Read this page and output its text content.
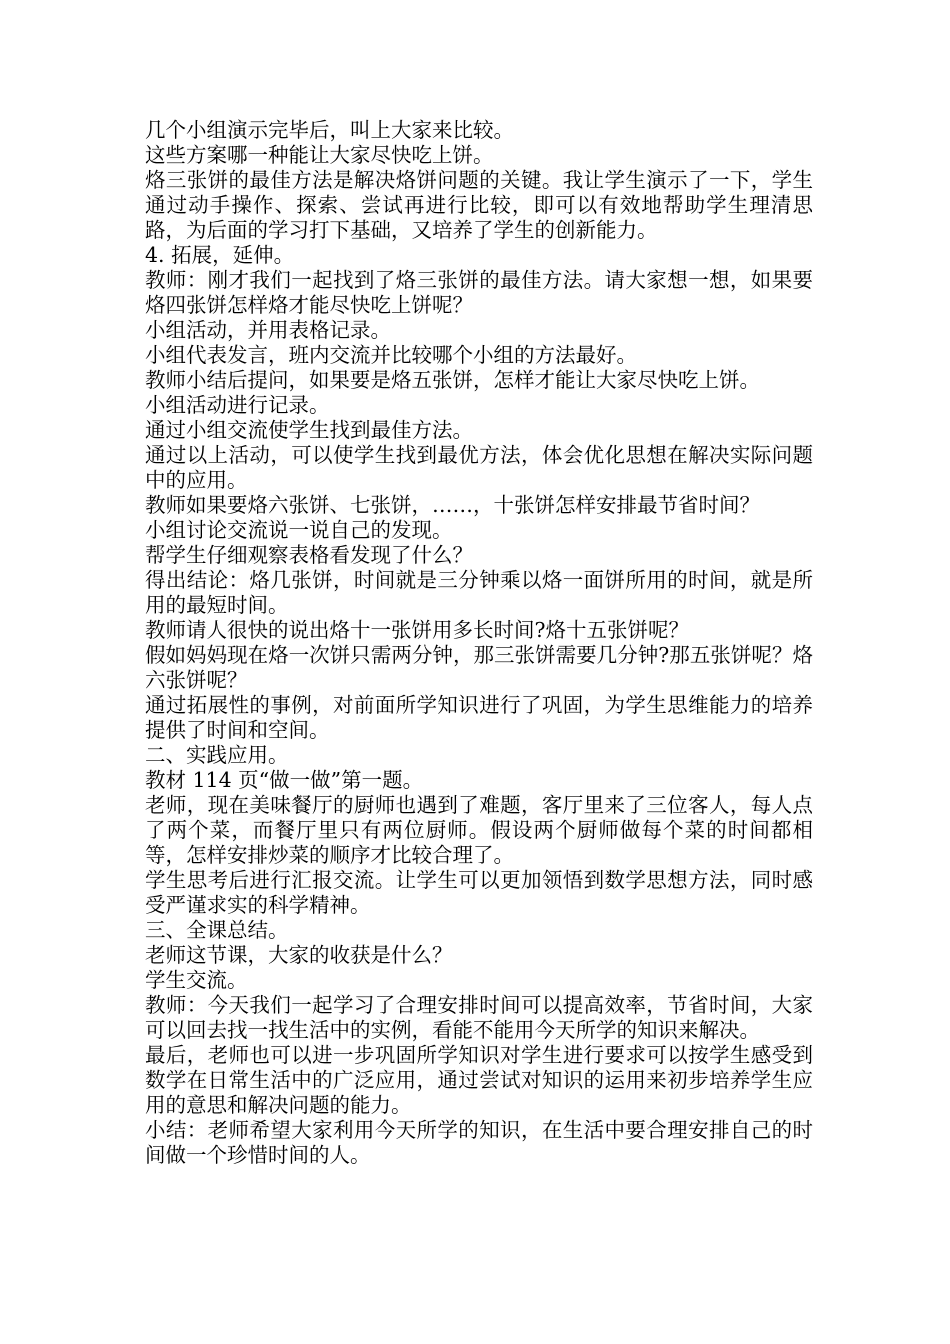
几个小组演示完毕后，叫上大家来比较。

这些方案哪一种能让大家尽快吃上饼。

烙三张饼的最佳方法是解决烙饼问题的关键。我让学生演示了一下，学生通过动手操作、探索、尝试再进行比较，即可以有效地帮助学生理清思路，为后面的学习打下基础，又培养了学生的创新能力。

4. 拓展，延伸。

教师：刚才我们一起找到了烙三张饼的最佳方法。请大家想一想，如果要烙四张饼怎样烙才能尽快吃上饼呢？

小组活动，并用表格记录。

小组代表发言，班内交流并比较哪个小组的方法最好。

教师小结后提问，如果要是烙五张饼，怎样才能让大家尽快吃上饼。

小组活动进行记录。

通过小组交流使学生找到最佳方法。

通过以上活动，可以使学生找到最优方法，体会优化思想在解决实际问题中的应用。

教师如果要烙六张饼、七张饼，……，十张饼怎样安排最节省时间？

小组讨论交流说一说自己的发现。

帮学生仔细观察表格看发现了什么？

得出结论：烙几张饼，时间就是三分钟乘以烙一面饼所用的时间，就是所用的最短时间。

教师请人很快的说出烙十一张饼用多长时间?烙十五张饼呢？

假如妈妈现在烙一次饼只需两分钟，那三张饼需要几分钟?那五张饼呢？烙六张饼呢？

通过拓展性的事例，对前面所学知识进行了巩固，为学生思维能力的培养提供了时间和空间。

二、实践应用。

教材 114 页“做一做”第一题。

老师，现在美味餐厅的厨师也遇到了难题，客厅里来了三位客人，每人点了两个菜，而餐厅里只有两位厨师。假设两个厨师做每个菜的时间都相等，怎样安排炒菜的顺序才比较合理了。

学生思考后进行汇报交流。让学生可以更加领悟到数学思想方法，同时感受严谨求实的科学精神。

三、全课总结。

老师这节课，大家的收获是什么？

学生交流。

教师：今天我们一起学习了合理安排时间可以提高效率，节省时间，大家可以回去找一找生活中的实例，看能不能用今天所学的知识来解决。

最后，老师也可以进一步巩固所学知识对学生进行要求可以按学生感受到数学在日常生活中的广泛应用，通过尝试对知识的运用来初步培养学生应用的意思和解决问题的能力。

小结：老师希望大家利用今天所学的知识，在生活中要合理安排自己的时间做一个珍惜时间的人。
